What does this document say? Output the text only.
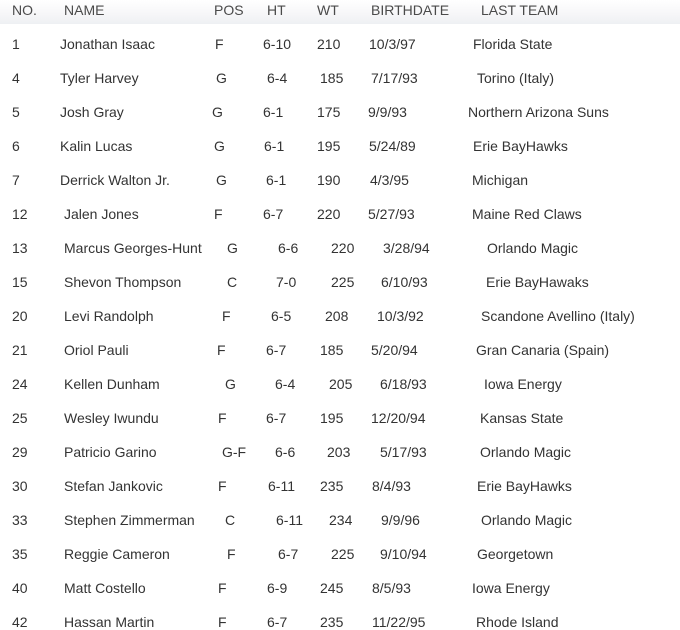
NO. NAME	POS HT WT BIRTHDATE LAST TEAM
1	Jonathan Isaac	F	6-10 210 10/3/97	Florida State
4	Tyler Harvey	G	6-4 185 7/17/93	Torino (Italy)
5	Josh Gray	G	6-1 175 9/9/93	Northern Arizona Suns
6	Kalin Lucas	G	6-1 195 5/24/89	Erie BayHawks
7	Derrick Walton Jr.	G	6-1 190 4/3/95	Michigan
12	Jalen Jones	F	6-7 220 5/27/93	Maine Red Claws
13	Marcus Georges-Hunt G	6-6 220 3/28/94	Orlando Magic
15	Shevon Thompson	C	7-0 225 6/10/93	Erie BayHawaks
20	Levi Randolph	F	6-5 208 10/3/92	Scandone Avellino (Italy)
21	Oriol Pauli	F	6-7 185 5/20/94	Gran Canaria (Spain)
24	Kellen Dunham	G	6-4 205 6/18/93	Iowa Energy
25	Wesley Iwundu	F	6-7 195 12/20/94	Kansas State
29	Patricio Garino	G-F 6-6 203 5/17/93	Orlando Magic
30	Stefan Jankovic	F	6-11 235 8/4/93	Erie BayHawks
33	Stephen Zimmerman C	6-11 234 9/9/96	Orlando Magic
35	Reggie Cameron	F	6-7 225 9/10/94	Georgetown
40	Matt Costello	F	6-9 245 8/5/93	Iowa Energy
42	Hassan Martin	F	6-7 235 11/22/95	Rhode Island
